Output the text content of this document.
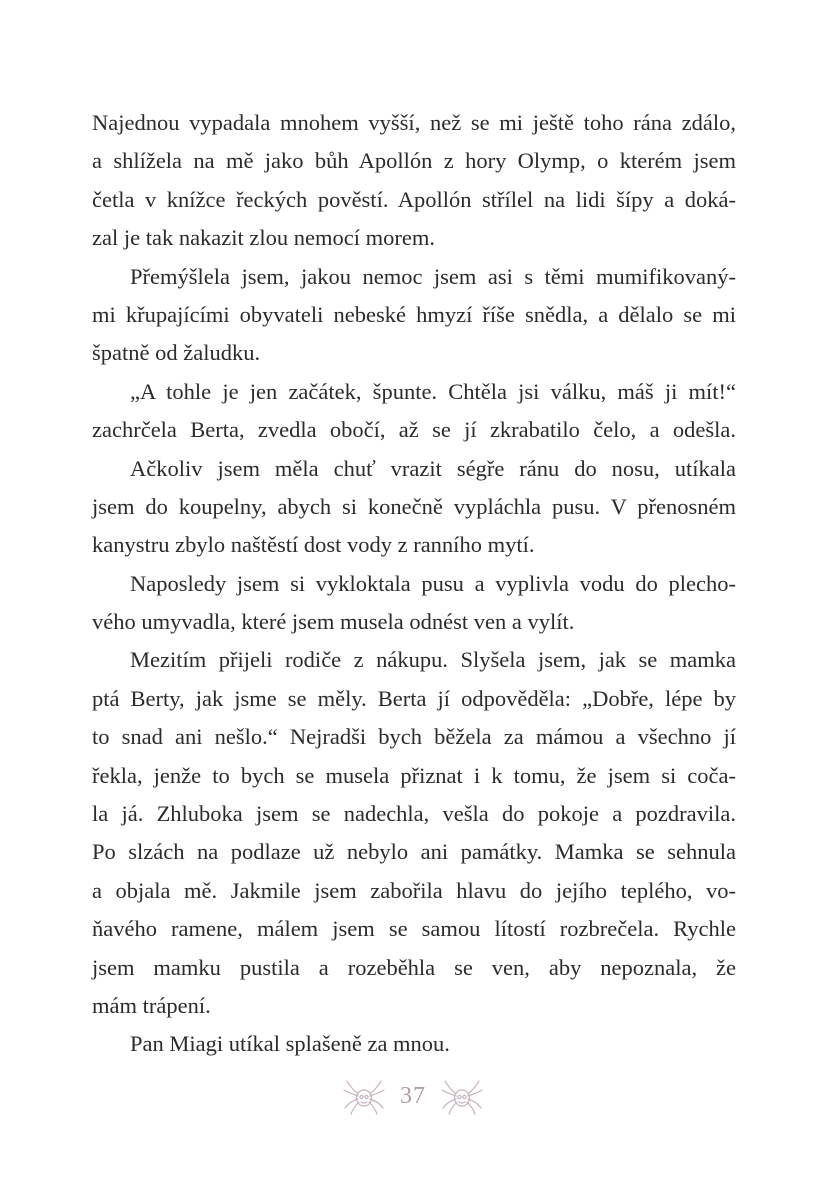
Najednou vypadala mnohem vyšší, než se mi ještě toho rána zdálo,
a shlížela na mě jako bůh Apollón z hory Olymp, o kterém jsem
četla v knížce řeckých pověstí. Apollón střílel na lidi šípy a doká-
zal je tak nakazit zlou nemocí morem.
Přemýšlela jsem, jakou nemoc jsem asi s těmi mumifikovaný-
mi křupajícími obyvateli nebeské hmyzí říše snědla, a dělalo se mi
špatně od žaludku.
„A tohle je jen začátek, špunte. Chtěla jsi válku, máš ji mít!“
zachrčela Berta, zvedla obočí, až se jí zkrabatilo čelo, a odešla.
Ačkoliv jsem měla chuť vrazit ségře ránu do nosu, utíkala
jsem do koupelny, abych si konečně vypláchla pusu. V přenosném
kanystru zbylo naštěstí dost vody z ranního mytí.
Naposledy jsem si vykloktala pusu a vyplivla vodu do plecho-
vého umyvadla, které jsem musela odnést ven a vylít.
Mezitím přijeli rodiče z nákupu. Slyšela jsem, jak se mamka
ptá Berty, jak jsme se měly. Berta jí odpověděla: „Dobře, lépe by
to snad ani nešlo.“ Nejradši bych běžela za mámou a všechno jí
řekla, jenže to bych se musela přiznat i k tomu, že jsem si coča-
la já. Zhluboka jsem se nadechla, vešla do pokoje a pozdravila.
Po slzách na podlaze už nebylo ani památky. Mamka se sehnula
a objala mě. Jakmile jsem zabořila hlavu do jejího teplého, vo-
ňavého ramene, málem jsem se samou lítostí rozbrečela. Rychle
jsem mamku pustila a rozeběhla se ven, aby nepoznala, že
mám trápení.
Pan Miagi utíkal splašeně za mnou.
37
